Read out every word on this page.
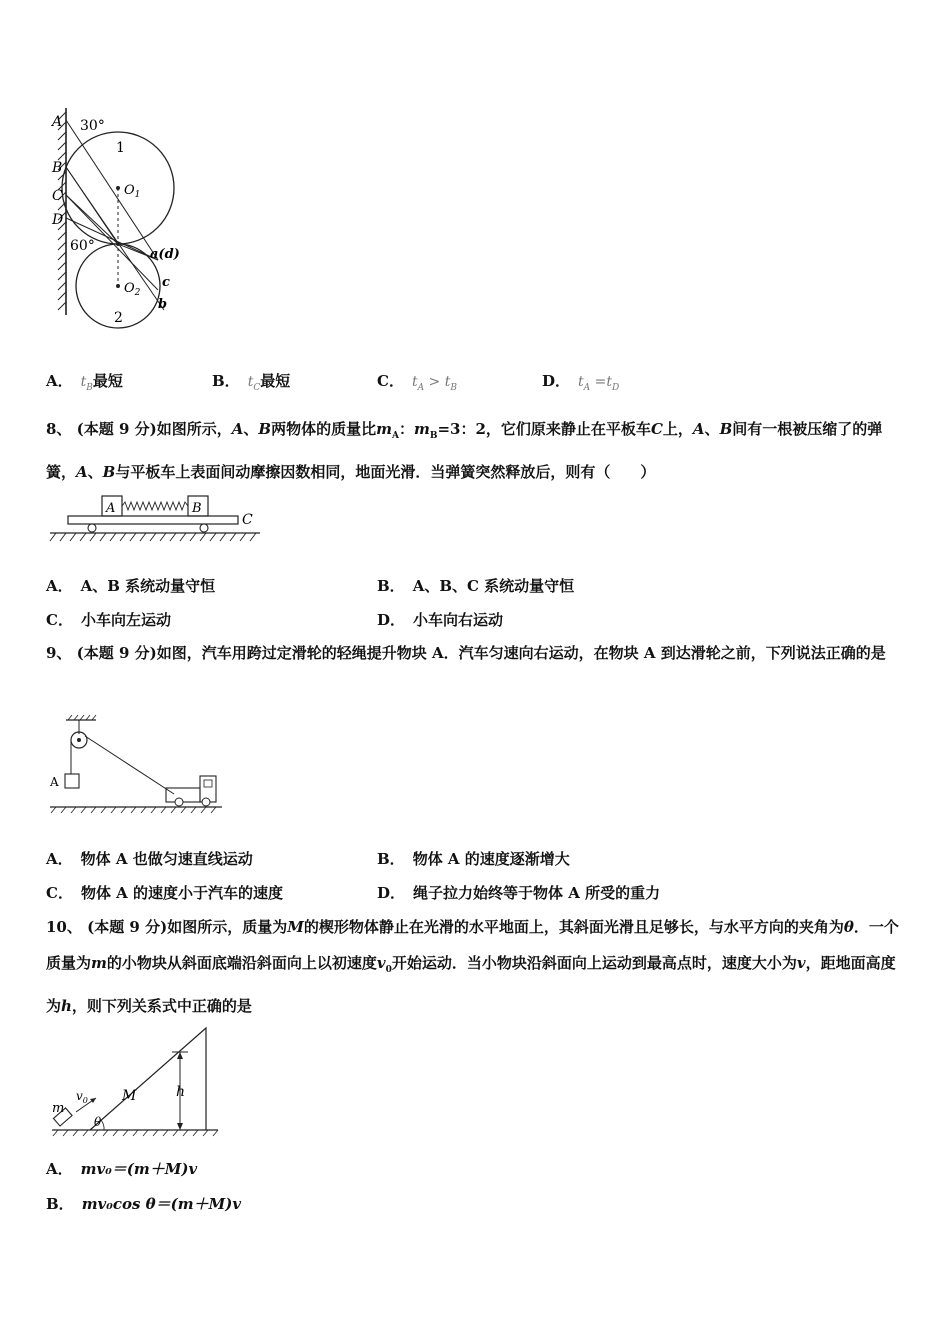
A
B
C
D
30°
60°
1
2
$O_1$
$O_2$
a(d)
c
b
A． $t_B$最短	B． $t_C$最短	C． $t_A > t_B$	D． $t_A =t_D$
8、 (本题 9 分)如图所示，A、B两物体的质量比$m_A$：$m_B=3$：2，它们原来静止在平板车C上，A、B间有一根被压缩了的弹簧，A、B与平板车上表面间动摩擦因数相同，地面光滑．当弹簧突然释放后，则有（　　）
A	B
C
A． A、B 系统动量守恒	B． A、B、C 系统动量守恒
C． 小车向左运动	D． 小车向右运动
9、 (本题 9 分)如图，汽车用跨过定滑轮的轻绳提升物块 A．汽车匀速向右运动，在物块 A 到达滑轮之前，下列说法正确的是
A
A． 物体 A 也做匀速直线运动	B． 物体 A 的速度逐渐增大
C． 物体 A 的速度小于汽车的速度	D． 绳子拉力始终等于物体 A 所受的重力
10、 (本题 9 分)如图所示，质量为M的楔形物体静止在光滑的水平地面上，其斜面光滑且足够长，与水平方向的夹角为θ．一个质量为m的小物块从斜面底端沿斜面向上以初速度$v_0$开始运动．当小物块沿斜面向上运动到最高点时，速度大小为v，距地面高度为h，则下列关系式中正确的是
m
$v_0$ M	h
θ
A． mv₀＝(m＋M)v
B． mv₀cos θ＝(m＋M)v
